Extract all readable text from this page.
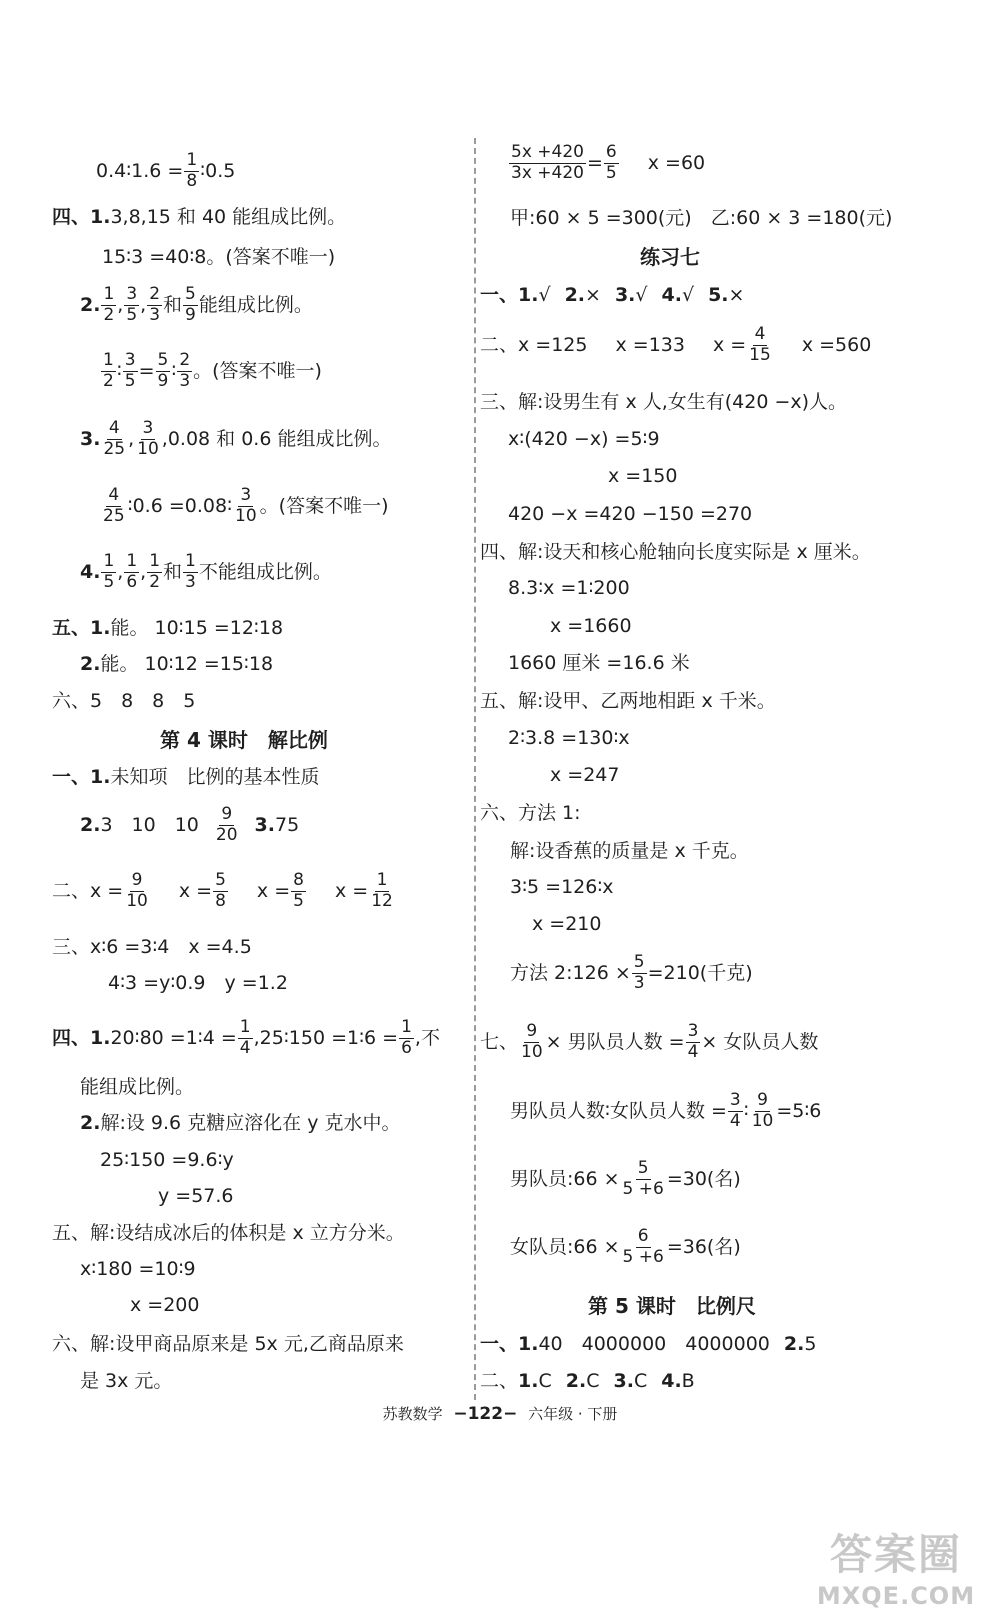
0.4∶1.6 = $\frac{1}{8}$ ∶0.5
四、1. 3,8,15 和 40 能组成比例。
15∶3 =40∶8。(答案不唯一)
2. 1
2 , 3
5 , 2
3 和 5
9 能组成比例。
1
2 ∶ $\frac{3}{5} = \frac{5}{9}$ ∶ 2
3 。(答案不唯一)
3. 4
25 , 3
10 ,0.08 和 0.6 能组成比例。
4
25 ∶0.6 =0.08∶ 3
10 。(答案不唯一)
4. 1
5 , 1
6 , 1
2 和 1
3 不能组成比例。
五、1. 能。 10∶15 =12∶18
2. 能。 10∶12 =15∶18
六、5　8　8　5
第 4 课时　解比例
一、1. 未知项　比例的基本性质
2. 3　10　10 9
20 3. 75
二、 $x = \frac{9}{10}$ $x = \frac{5}{8}$ $x = \frac{8}{5}$ $x = \frac{1}{12}$
三、x∶6 =3∶4　x =4.5
4∶3 =y∶0.9　y =1.2
四、1. 20∶80 =1∶4 = $\frac{1}{4}$ ,25∶150 =1∶6 = $\frac{1}{6}$ ,不
能组成比例。
2. 解:设 9.6 克糖应溶化在 y 克水中。
25∶150 =9.6∶y
y =57.6
五、解:设结成冰后的体积是 x 立方分米。
x∶180 =10∶9
x =200
六、解:设甲商品原来是 5x 元,乙商品原来
是 3x 元。
$\frac{5x +420}{3x +420} = \frac{6}{5}$ x =60
甲:60 × 5 =300(元)　乙:60 × 3 =180(元)
练习七
一、1. √ 2. × 3. √ 4. √ 5. ×
二、 x =125 x =133 $x = \frac{4}{15}$ x =560
三、解:设男生有 x 人,女生有(420 −x)人。
x∶(420 −x) =5∶9
x =150
420 −x =420 −150 =270
四、解:设天和核心舱轴向长度实际是 x 厘米。
8.3∶x =1∶200
x =1660
1660 厘米 =16.6 米
五、解:设甲、乙两地相距 x 千米。
2∶3.8 =130∶x
x =247
六、方法 1:
解:设香蕉的质量是 x 千克。
3∶5 =126∶x
x =210
方法 2:126 × $\frac{5}{3} =210$(千克)
七、 $\frac{9}{10}$ × 男队员人数 = $\frac{3}{4}$ × 女队员人数
男队员人数∶女队员人数 = $\frac{3}{4}$ ∶ $\frac{9}{10}$ =5∶6
男队员:66 × $\frac{5}{5 +6} =30$(名)
女队员:66 × $\frac{6}{5 +6} =36$(名)
第 5 课时　比例尺
一、1. 40　4000000　4000000 2. 5
二、 1. C 2. C 3. C 4. B
苏教数学 −122− 六年级 · 下册
答案圈
MXQE.COM
